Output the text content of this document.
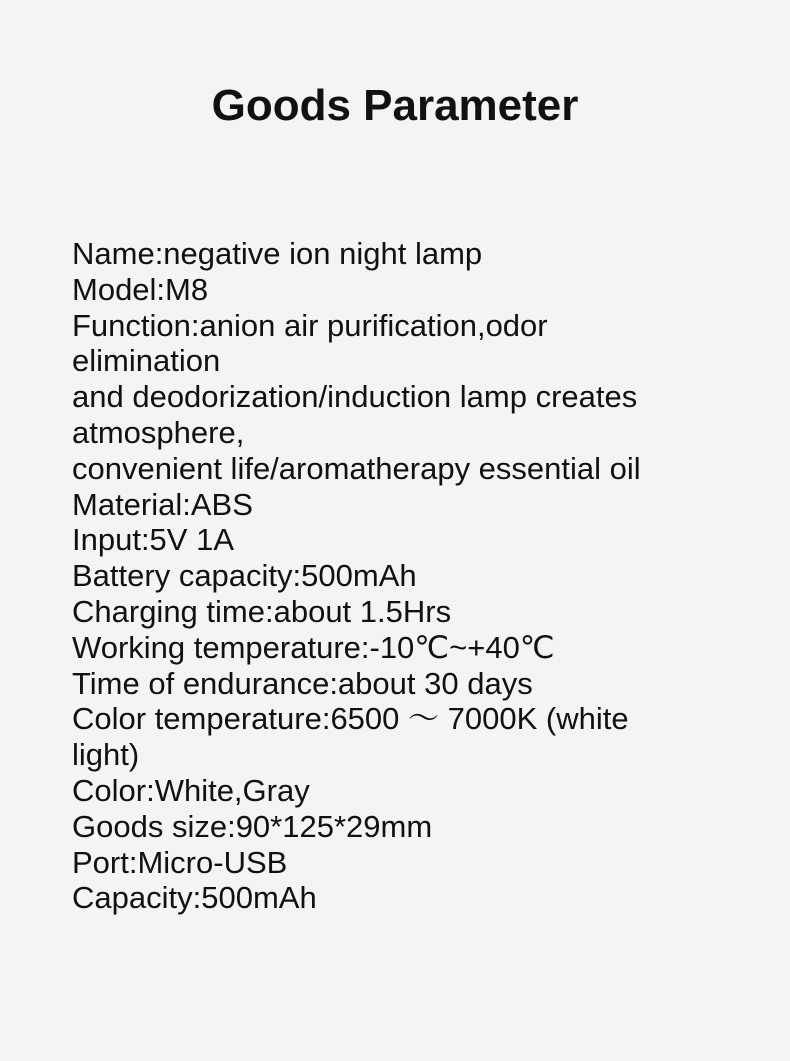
Goods Parameter
Name:negative ion night lamp
Model:M8
Function:anion air purification,odor
elimination
and deodorization/induction lamp creates
atmosphere,
convenient life/aromatherapy essential oil
Material:ABS
Input:5V 1A
Battery capacity:500mAh
Charging time:about 1.5Hrs
Working temperature:-10℃~+40℃
Time of endurance:about 30 days
Color temperature:6500 ～ 7000K (white
light)
Color:White,Gray
Goods size:90*125*29mm
Port:Micro-USB
Capacity:500mAh
